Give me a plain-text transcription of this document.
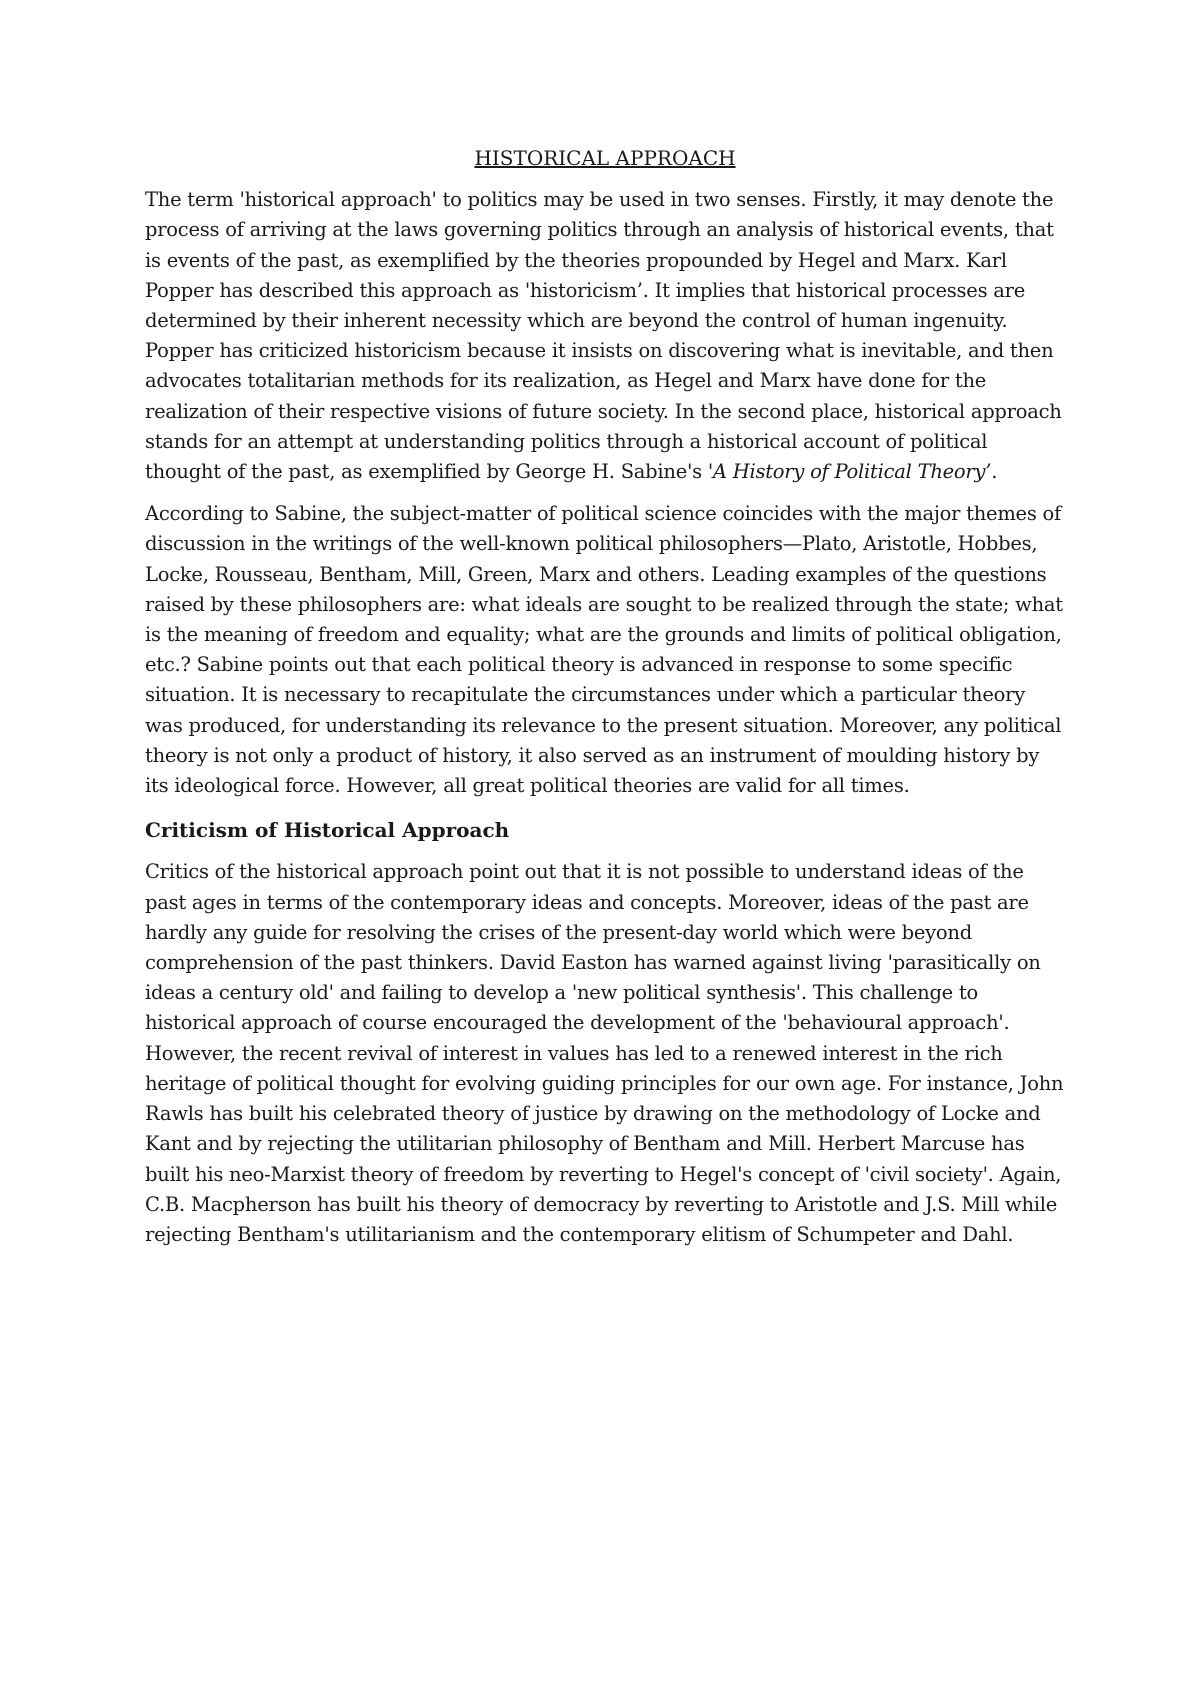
HISTORICAL APPROACH

The term 'historical approach' to politics may be used in two senses. Firstly, it may denote the process of arriving at the laws governing politics through an analysis of historical events, that is events of the past, as exemplified by the theories propounded by Hegel and Marx. Karl Popper has described this approach as 'historicism’. It implies that historical processes are determined by their inherent necessity which are beyond the control of human ingenuity. Popper has criticized historicism because it insists on discovering what is inevitable, and then advocates totalitarian methods for its realization, as Hegel and Marx have done for the realization of their respective visions of future society. In the second place, historical approach stands for an attempt at understanding politics through a historical account of political thought of the past, as exemplified by George H. Sabine's 'A History of Political Theory’.

According to Sabine, the subject-matter of political science coincides with the major themes of discussion in the writings of the well-known political philosophers—Plato, Aristotle, Hobbes, Locke, Rousseau, Bentham, Mill, Green, Marx and others. Leading examples of the questions raised by these philosophers are: what ideals are sought to be realized through the state; what is the meaning of freedom and equality; what are the grounds and limits of political obligation, etc.? Sabine points out that each political theory is advanced in response to some specific situation. It is necessary to recapitulate the circumstances under which a particular theory was produced, for understanding its relevance to the present situation. Moreover, any political theory is not only a product of history, it also served as an instrument of moulding history by its ideological force. However, all great political theories are valid for all times.

Criticism of Historical Approach

Critics of the historical approach point out that it is not possible to understand ideas of the past ages in terms of the contemporary ideas and concepts. Moreover, ideas of the past are hardly any guide for resolving the crises of the present-day world which were beyond comprehension of the past thinkers. David Easton has warned against living 'parasitically on ideas a century old' and failing to develop a 'new political synthesis'. This challenge to historical approach of course encouraged the development of the 'behavioural approach'. However, the recent revival of interest in values has led to a renewed interest in the rich heritage of political thought for evolving guiding principles for our own age. For instance, John Rawls has built his celebrated theory of justice by drawing on the methodology of Locke and Kant and by rejecting the utilitarian philosophy of Bentham and Mill. Herbert Marcuse has built his neo-Marxist theory of freedom by reverting to Hegel's concept of 'civil society'. Again, C.B. Macpherson has built his theory of democracy by reverting to Aristotle and J.S. Mill while rejecting Bentham's utilitarianism and the contemporary elitism of Schumpeter and Dahl.
